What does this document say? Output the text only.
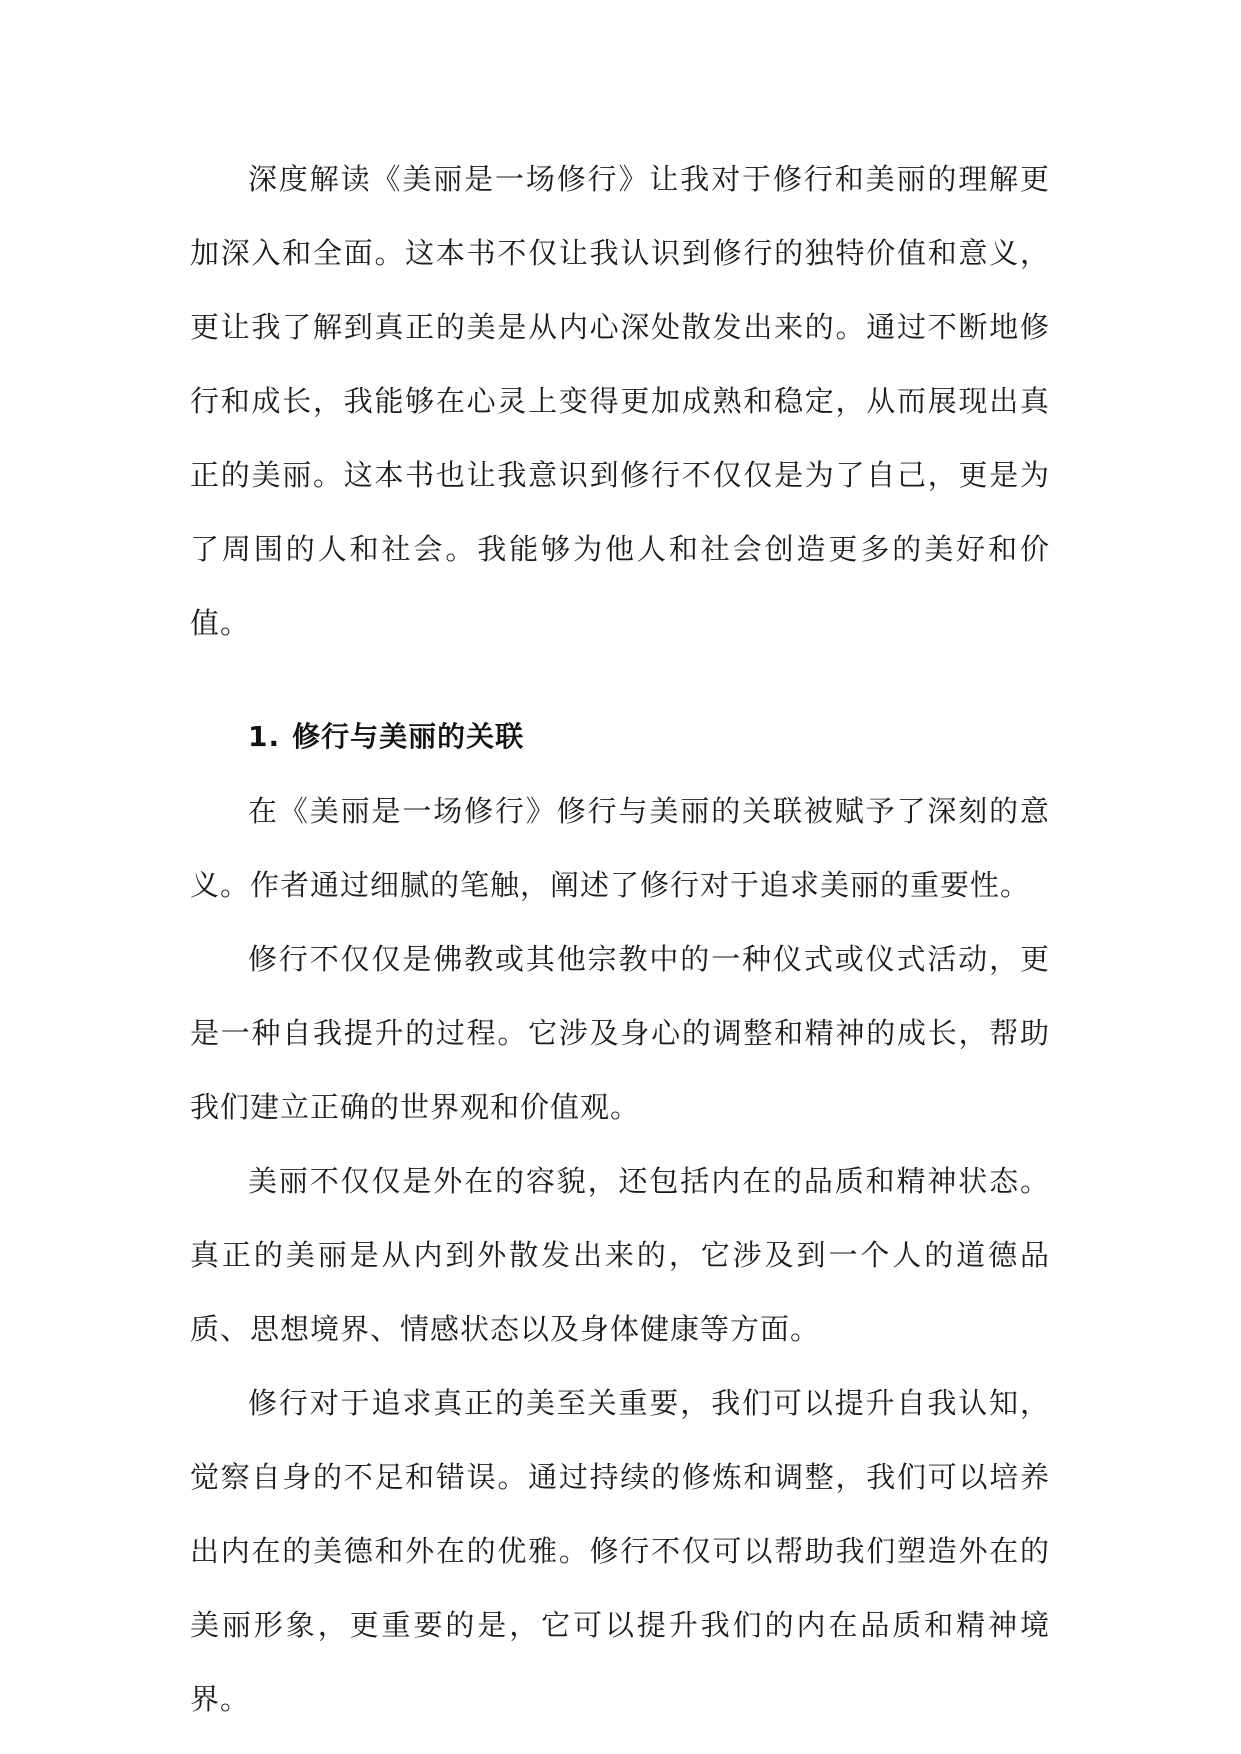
深度解读《美丽是一场修行》让我对于修行和美丽的理解更加深入和全面。这本书不仅让我认识到修行的独特价值和意义，更让我了解到真正的美是从内心深处散发出来的。通过不断地修行和成长，我能够在心灵上变得更加成熟和稳定，从而展现出真正的美丽。这本书也让我意识到修行不仅仅是为了自己，更是为了周围的人和社会。我能够为他人和社会创造更多的美好和价值。

1. 修行与美丽的关联

在《美丽是一场修行》修行与美丽的关联被赋予了深刻的意义。作者通过细腻的笔触，阐述了修行对于追求美丽的重要性。

修行不仅仅是佛教或其他宗教中的一种仪式或仪式活动，更是一种自我提升的过程。它涉及身心的调整和精神的成长，帮助我们建立正确的世界观和价值观。

美丽不仅仅是外在的容貌，还包括内在的品质和精神状态。真正的美丽是从内到外散发出来的，它涉及到一个人的道德品质、思想境界、情感状态以及身体健康等方面。

修行对于追求真正的美至关重要，我们可以提升自我认知，觉察自身的不足和错误。通过持续的修炼和调整，我们可以培养出内在的美德和外在的优雅。修行不仅可以帮助我们塑造外在的美丽形象，更重要的是，它可以提升我们的内在品质和精神境界。
